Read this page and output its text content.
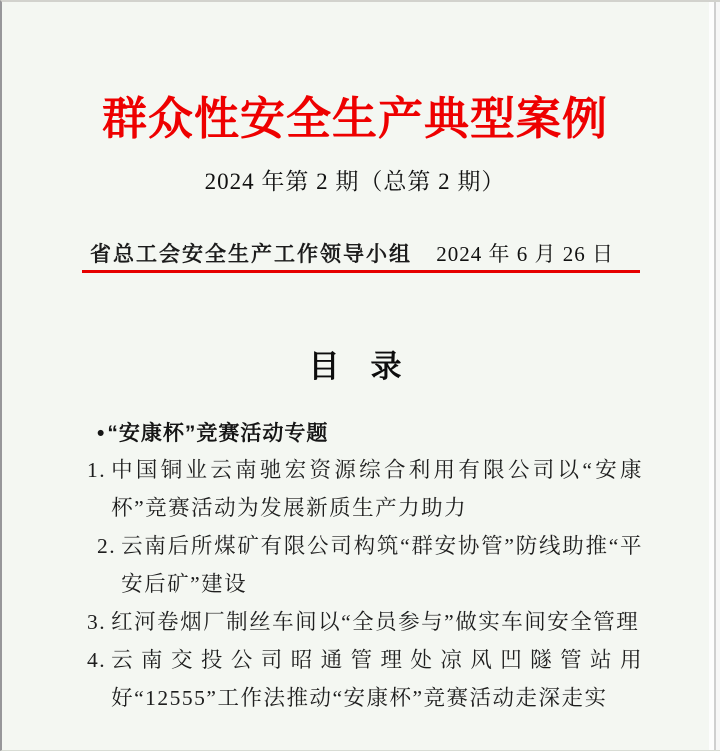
群众性安全生产典型案例
2024 年第 2 期（总第 2 期）
省总工会安全生产工作领导小组 2024 年 6 月 26 日
目　录
•“安康杯”竞赛活动专题
1. 中国铜业云南驰宏资源综合利用有限公司以“安康杯”竞赛活动为发展新质生产力助力
2. 云南后所煤矿有限公司构筑“群安协管”防线助推“平安后矿”建设
3. 红河卷烟厂制丝车间以“全员参与”做实车间安全管理
4. 云南交投公司昭通管理处凉风凹隧管站用好“12555”工作法推动“安康杯”竞赛活动走深走实
